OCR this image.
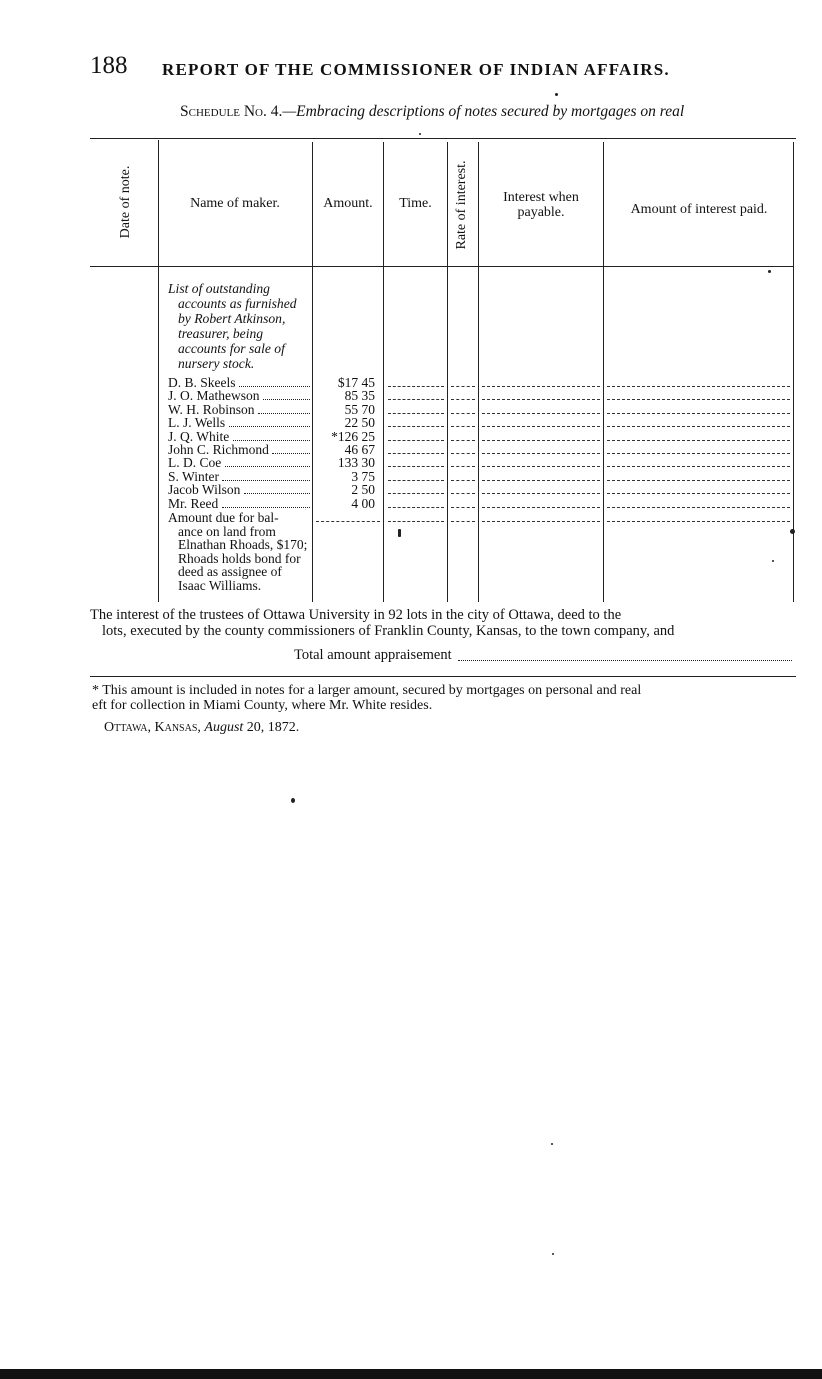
188 REPORT OF THE COMMISSIONER OF INDIAN AFFAIRS.
Schedule No. 4.—Embracing descriptions of notes secured by mortgages on real
Date of note.	Name of maker.	Amount.	Time.	Rate of interest.	Interest when payable.	Amount of interest paid.
List of outstanding
accounts as furnished by Robert Atkinson, treasurer, being accounts for sale of nursery stock.
D. B. Skeels	$17 45
J. O. Mathewson	85 35
W. H. Robinson	55 70
L. J. Wells	22 50
J. Q. White	*126 25
John C. Richmond	46 67
L. D. Coe	133 30
S. Winter	3 75
Jacob Wilson	2 50
Mr. Reed	4 00
Amount due for bal-
ance on land from Elnathan Rhoads, $170; Rhoads holds bond for deed as assignee of Isaac Williams.
The interest of the trustees of Ottawa University in 92 lots in the city of Ottawa, deed to the
lots, executed by the county commissioners of Franklin County, Kansas, to the town company, and
Total amount appraisement
* This amount is included in notes for a larger amount, secured by mortgages on personal and real
eft for collection in Miami County, where Mr. White resides.
Ottawa, Kansas, August 20, 1872.
